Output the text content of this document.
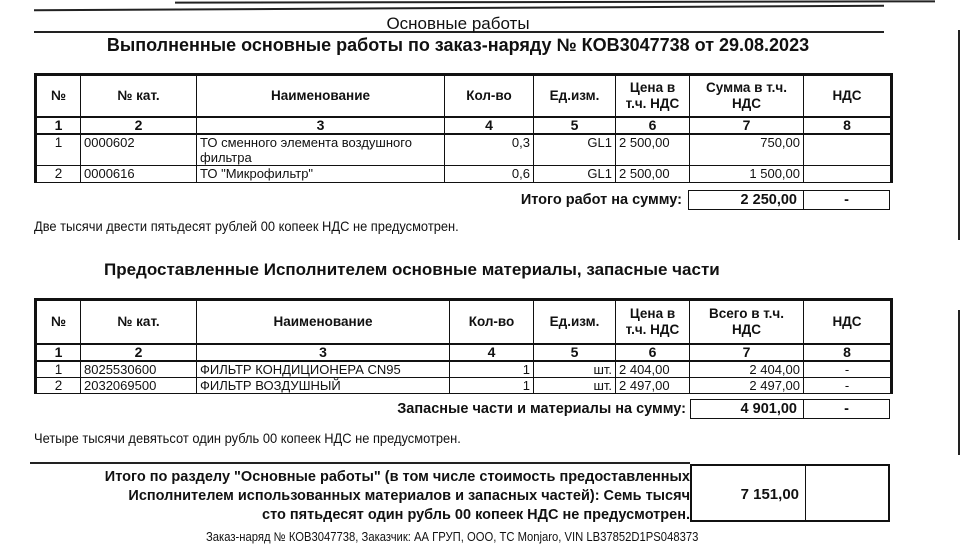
Основные работы
Выполненные основные работы по заказ-наряду № КОВ3047738 от 29.08.2023
№	№ кат.	Наименование	Кол-во	Ед.изм.	Цена в т.ч. НДС	Сумма в т.ч. НДС	НДС
1	2	3	4	5	6	7	8
1	0000602	ТО сменного элемента воздушного фильтра	0,3	GL1	2 500,00	750,00	
2	0000616	ТО "Микрофильтр"	0,6	GL1	2 500,00	1 500,00	
Итого работ на сумму:	2 250,00	-
Две тысячи двести пятьдесят рублей 00 копеек НДС не предусмотрен.
Предоставленные Исполнителем основные материалы, запасные части
№	№ кат.	Наименование	Кол-во	Ед.изм.	Цена в т.ч. НДС	Всего в т.ч. НДС	НДС
1	2	3	4	5	6	7	8
1	8025530600	ФИЛЬТР КОНДИЦИОНЕРА CN95	1	шт.	2 404,00	2 404,00	-
2	2032069500	ФИЛЬТР ВОЗДУШНЫЙ	1	шт.	2 497,00	2 497,00	-
Запасные части и материалы на сумму:	4 901,00	-
Четыре тысячи девятьсот один рубль 00 копеек НДС не предусмотрен.
Итого по разделу "Основные работы" (в том числе стоимость предоставленных
Исполнителем использованных материалов и запасных частей): Семь тысяч
сто пятьдесят один рубль 00 копеек НДС не предусмотрен.
7 151,00
Заказ-наряд № КОВ3047738, Заказчик: АА ГРУП, ООО, ТС Monjaro, VIN LB37852D1PS048373
